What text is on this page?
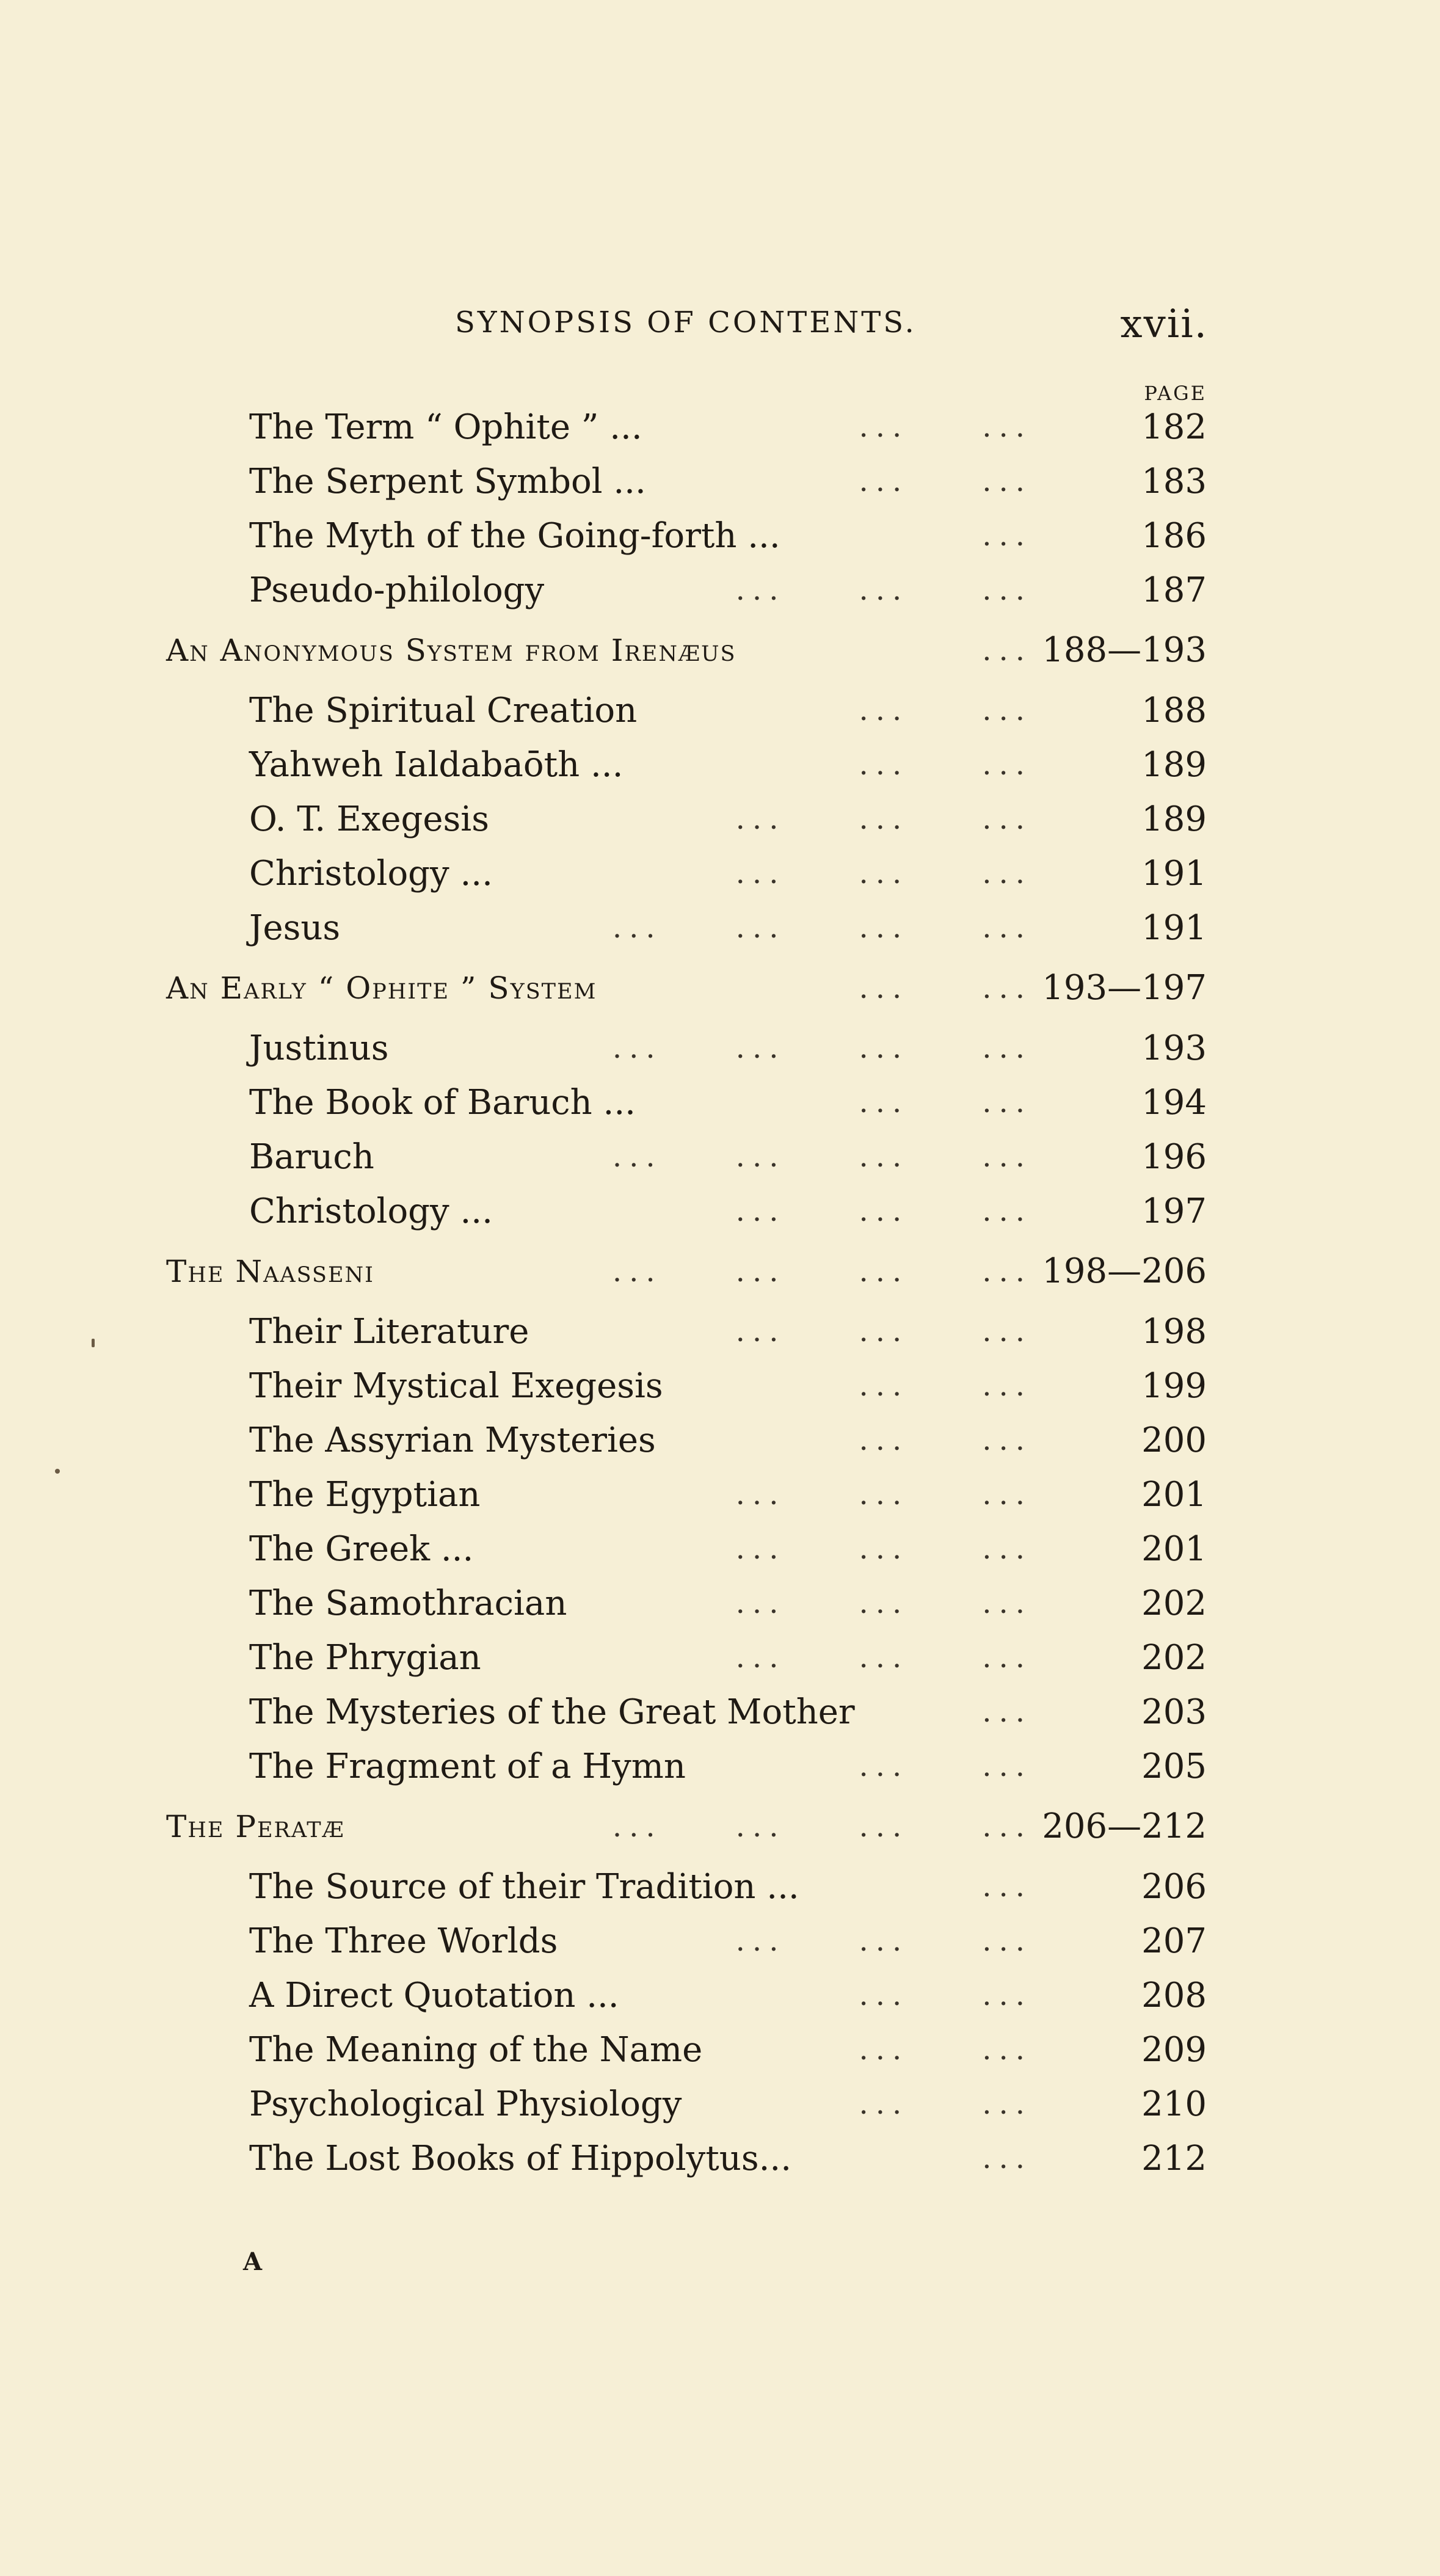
SYNOPSIS OF CONTENTS.	xvii.
PAGE
The Term “ Ophite ” ...	...  ...	182
The Serpent Symbol ...	...  ...	183
The Myth of the Going-forth ...	...	186
Pseudo-philology	...  ...  ...	187
An Anonymous System from Irenæus	... 188—193
The Spiritual Creation	...  ...	188
Yahweh Ialdabaōth ...	...  ...	189
O. T. Exegesis	...  ...  ...	189
Christology ...	...  ...  ...	191
Jesus	...  ...  ...  ...	191
An Early “ Ophite ” System	...  ... 193—197
Justinus	...  ...  ...  ...	193
The Book of Baruch ...	...  ...	194
Baruch	...  ...  ...  ...	196
Christology ...	...  ...  ...	197
The Naasseni	...  ...  ...  ... 198—206
Their Literature	...  ...  ...	198
Their Mystical Exegesis	...  ...	199
The Assyrian Mysteries	...  ...	200
The Egyptian	...  ...  ...	201
The Greek ...	...  ...  ...	201
The Samothracian	...  ...  ...	202
The Phrygian	...  ...  ...	202
The Mysteries of the Great Mother	...	203
The Fragment of a Hymn	...  ...	205
The Peratæ	...  ...  ...  ... 206—212
The Source of their Tradition ...	...	206
The Three Worlds	...  ...  ...	207
A Direct Quotation ...	...  ...	208
The Meaning of the Name	...  ...	209
Psychological Physiology	...  ...	210
The Lost Books of Hippolytus...	...	212
A
